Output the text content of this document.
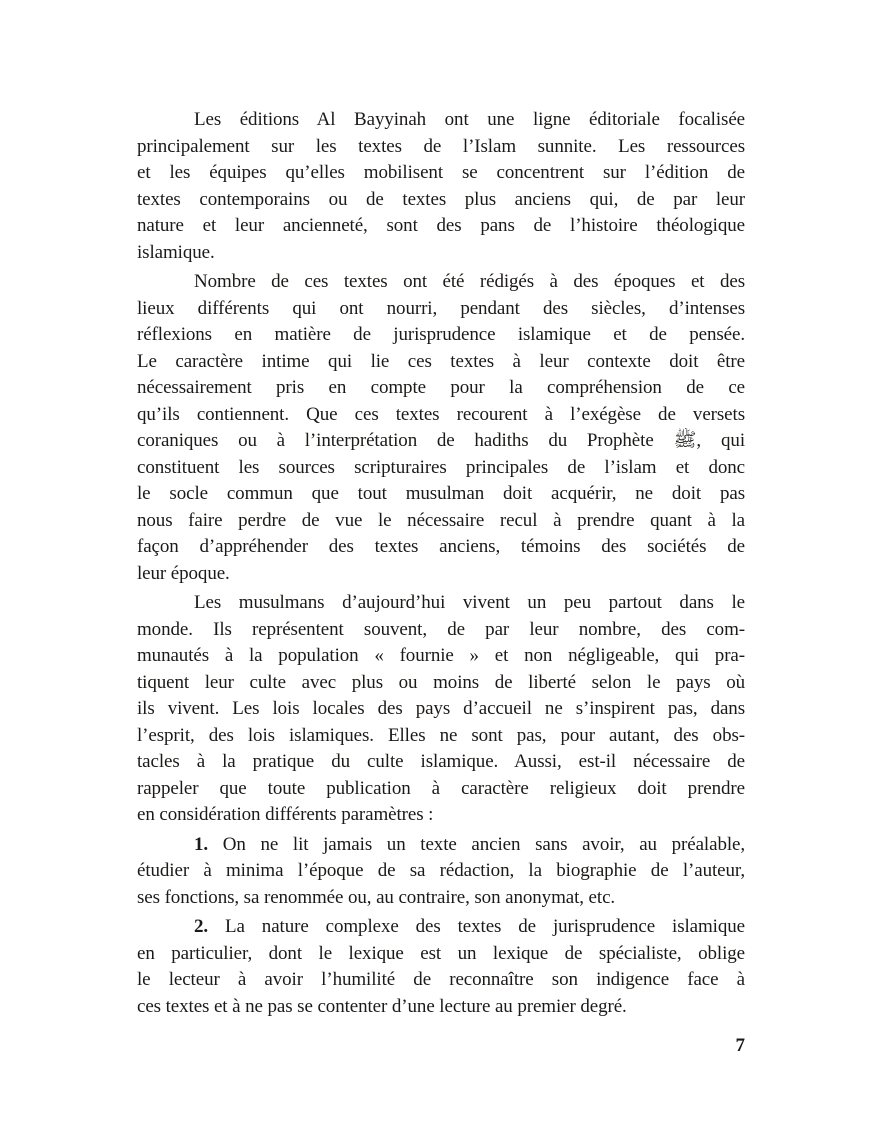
Les éditions Al Bayyinah ont une ligne éditoriale focalisée
principalement sur les textes de l’Islam sunnite. Les ressources
et les équipes qu’elles mobilisent se concentrent sur l’édition de
textes contemporains ou de textes plus anciens qui, de par leur
nature et leur ancienneté, sont des pans de l’histoire théologique
islamique.
Nombre de ces textes ont été rédigés à des époques et des
lieux différents qui ont nourri, pendant des siècles, d’intenses
réflexions en matière de jurisprudence islamique et de pensée.
Le caractère intime qui lie ces textes à leur contexte doit être
nécessairement pris en compte pour la compréhension de ce
qu’ils contiennent. Que ces textes recourent à l’exégèse de versets
coraniques ou à l’interprétation de hadiths du Prophète ﷺ, qui
constituent les sources scripturaires principales de l’islam et donc
le socle commun que tout musulman doit acquérir, ne doit pas
nous faire perdre de vue le nécessaire recul à prendre quant à la
façon d’appréhender des textes anciens, témoins des sociétés de
leur époque.
Les musulmans d’aujourd’hui vivent un peu partout dans le
monde. Ils représentent souvent, de par leur nombre, des com-
munautés à la population « fournie » et non négligeable, qui pra-
tiquent leur culte avec plus ou moins de liberté selon le pays où
ils vivent. Les lois locales des pays d’accueil ne s’inspirent pas, dans
l’esprit, des lois islamiques. Elles ne sont pas, pour autant, des obs-
tacles à la pratique du culte islamique. Aussi, est-il nécessaire de
rappeler que toute publication à caractère religieux doit prendre
en considération différents paramètres :
1. On ne lit jamais un texte ancien sans avoir, au préalable,
étudier à minima l’époque de sa rédaction, la biographie de l’auteur,
ses fonctions, sa renommée ou, au contraire, son anonymat, etc.
2. La nature complexe des textes de jurisprudence islamique
en particulier, dont le lexique est un lexique de spécialiste, oblige
le lecteur à avoir l’humilité de reconnaître son indigence face à
ces textes et à ne pas se contenter d’une lecture au premier degré.
7
